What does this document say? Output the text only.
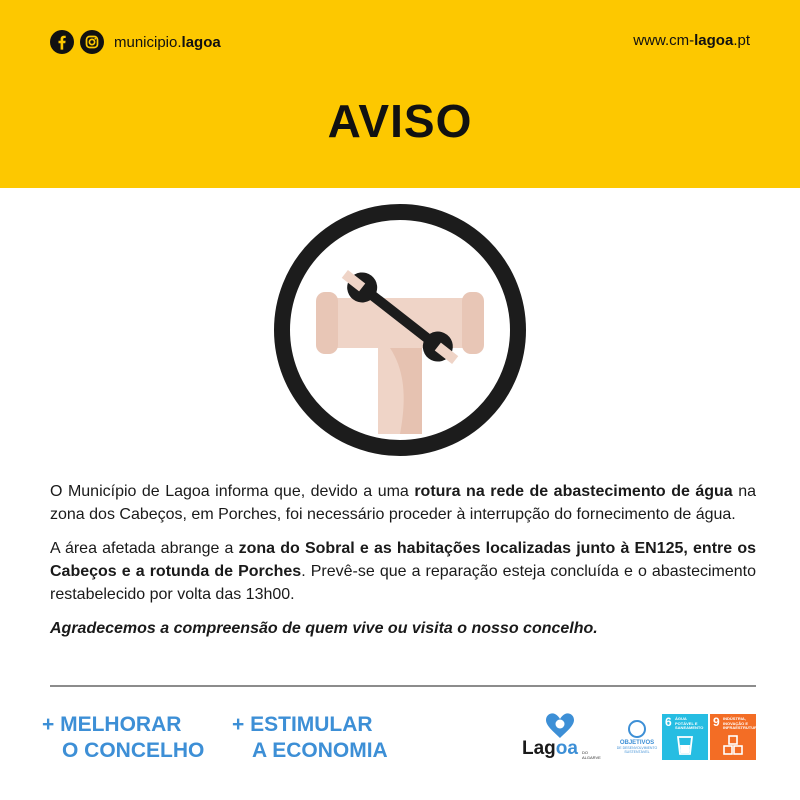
municipio.lagoa	www.cm-lagoa.pt
AVISO

O Município de Lagoa informa que, devido a uma rotura na rede de abastecimento de água na zona dos Cabeços, em Porches, foi necessário proceder à interrupção do fornecimento de água.

A área afetada abrange a zona do Sobral e as habitações localizadas junto à EN125, entre os Cabeços e a rotunda de Porches. Prevê-se que a reparação esteja concluída e o abastecimento restabelecido por volta das 13h00.

Agradecemos a compreensão de quem vive ou visita o nosso concelho.

+ MELHORAR
O CONCELHO
+ ESTIMULAR
A ECONOMIA	Lagoa DO
ALGARVE
OBJETIVOS
DE DESENVOLVIMENTO SUSTENTÁVEL
6 ÁGUA POTÁVEL E SANEAMENTO 9 INDÚSTRIA, INOVAÇÃO E INFRAESTRUTURAS
